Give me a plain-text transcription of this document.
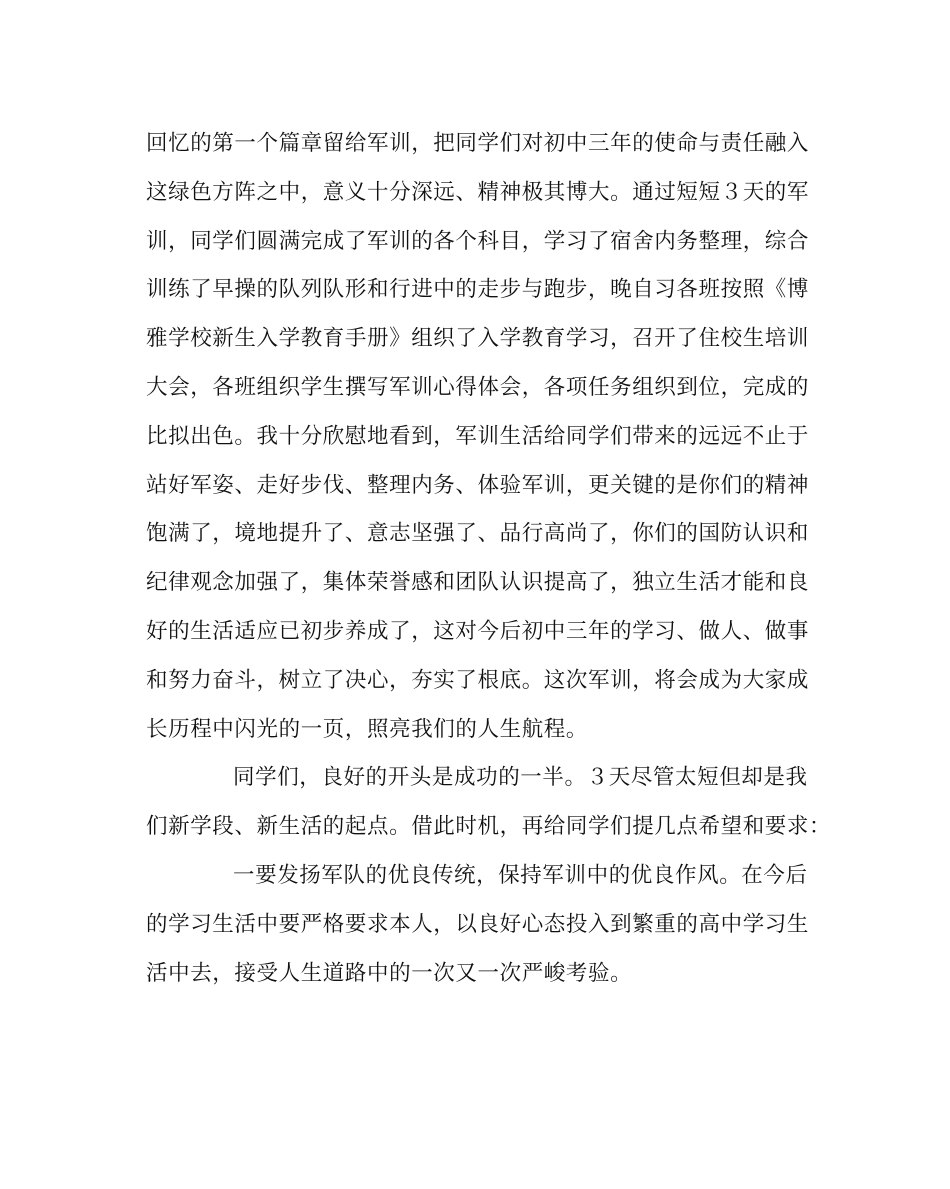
回忆的第一个篇章留给军训，把同学们对初中三年的使命与责任融入
这绿色方阵之中，意义十分深远、精神极其博大。通过短短３天的军
训，同学们圆满完成了军训的各个科目，学习了宿舍内务整理，综合
训练了早操的队列队形和行进中的走步与跑步，晚自习各班按照《博
雅学校新生入学教育手册》组织了入学教育学习，召开了住校生培训
大会，各班组织学生撰写军训心得体会，各项任务组织到位，完成的
比拟出色。我十分欣慰地看到，军训生活给同学们带来的远远不止于
站好军姿、走好步伐、整理内务、体验军训，更关键的是你们的精神
饱满了，境地提升了、意志坚强了、品行高尚了，你们的国防认识和
纪律观念加强了，集体荣誉感和团队认识提高了，独立生活才能和良
好的生活适应已初步养成了，这对今后初中三年的学习、做人、做事
和努力奋斗，树立了决心，夯实了根底。这次军训，将会成为大家成
长历程中闪光的一页，照亮我们的人生航程。
同学们，良好的开头是成功的一半。３天尽管太短但却是我
们新学段、新生活的起点。借此时机，再给同学们提几点希望和要求：
一要发扬军队的优良传统，保持军训中的优良作风。在今后
的学习生活中要严格要求本人，以良好心态投入到繁重的高中学习生
活中去，接受人生道路中的一次又一次严峻考验。
